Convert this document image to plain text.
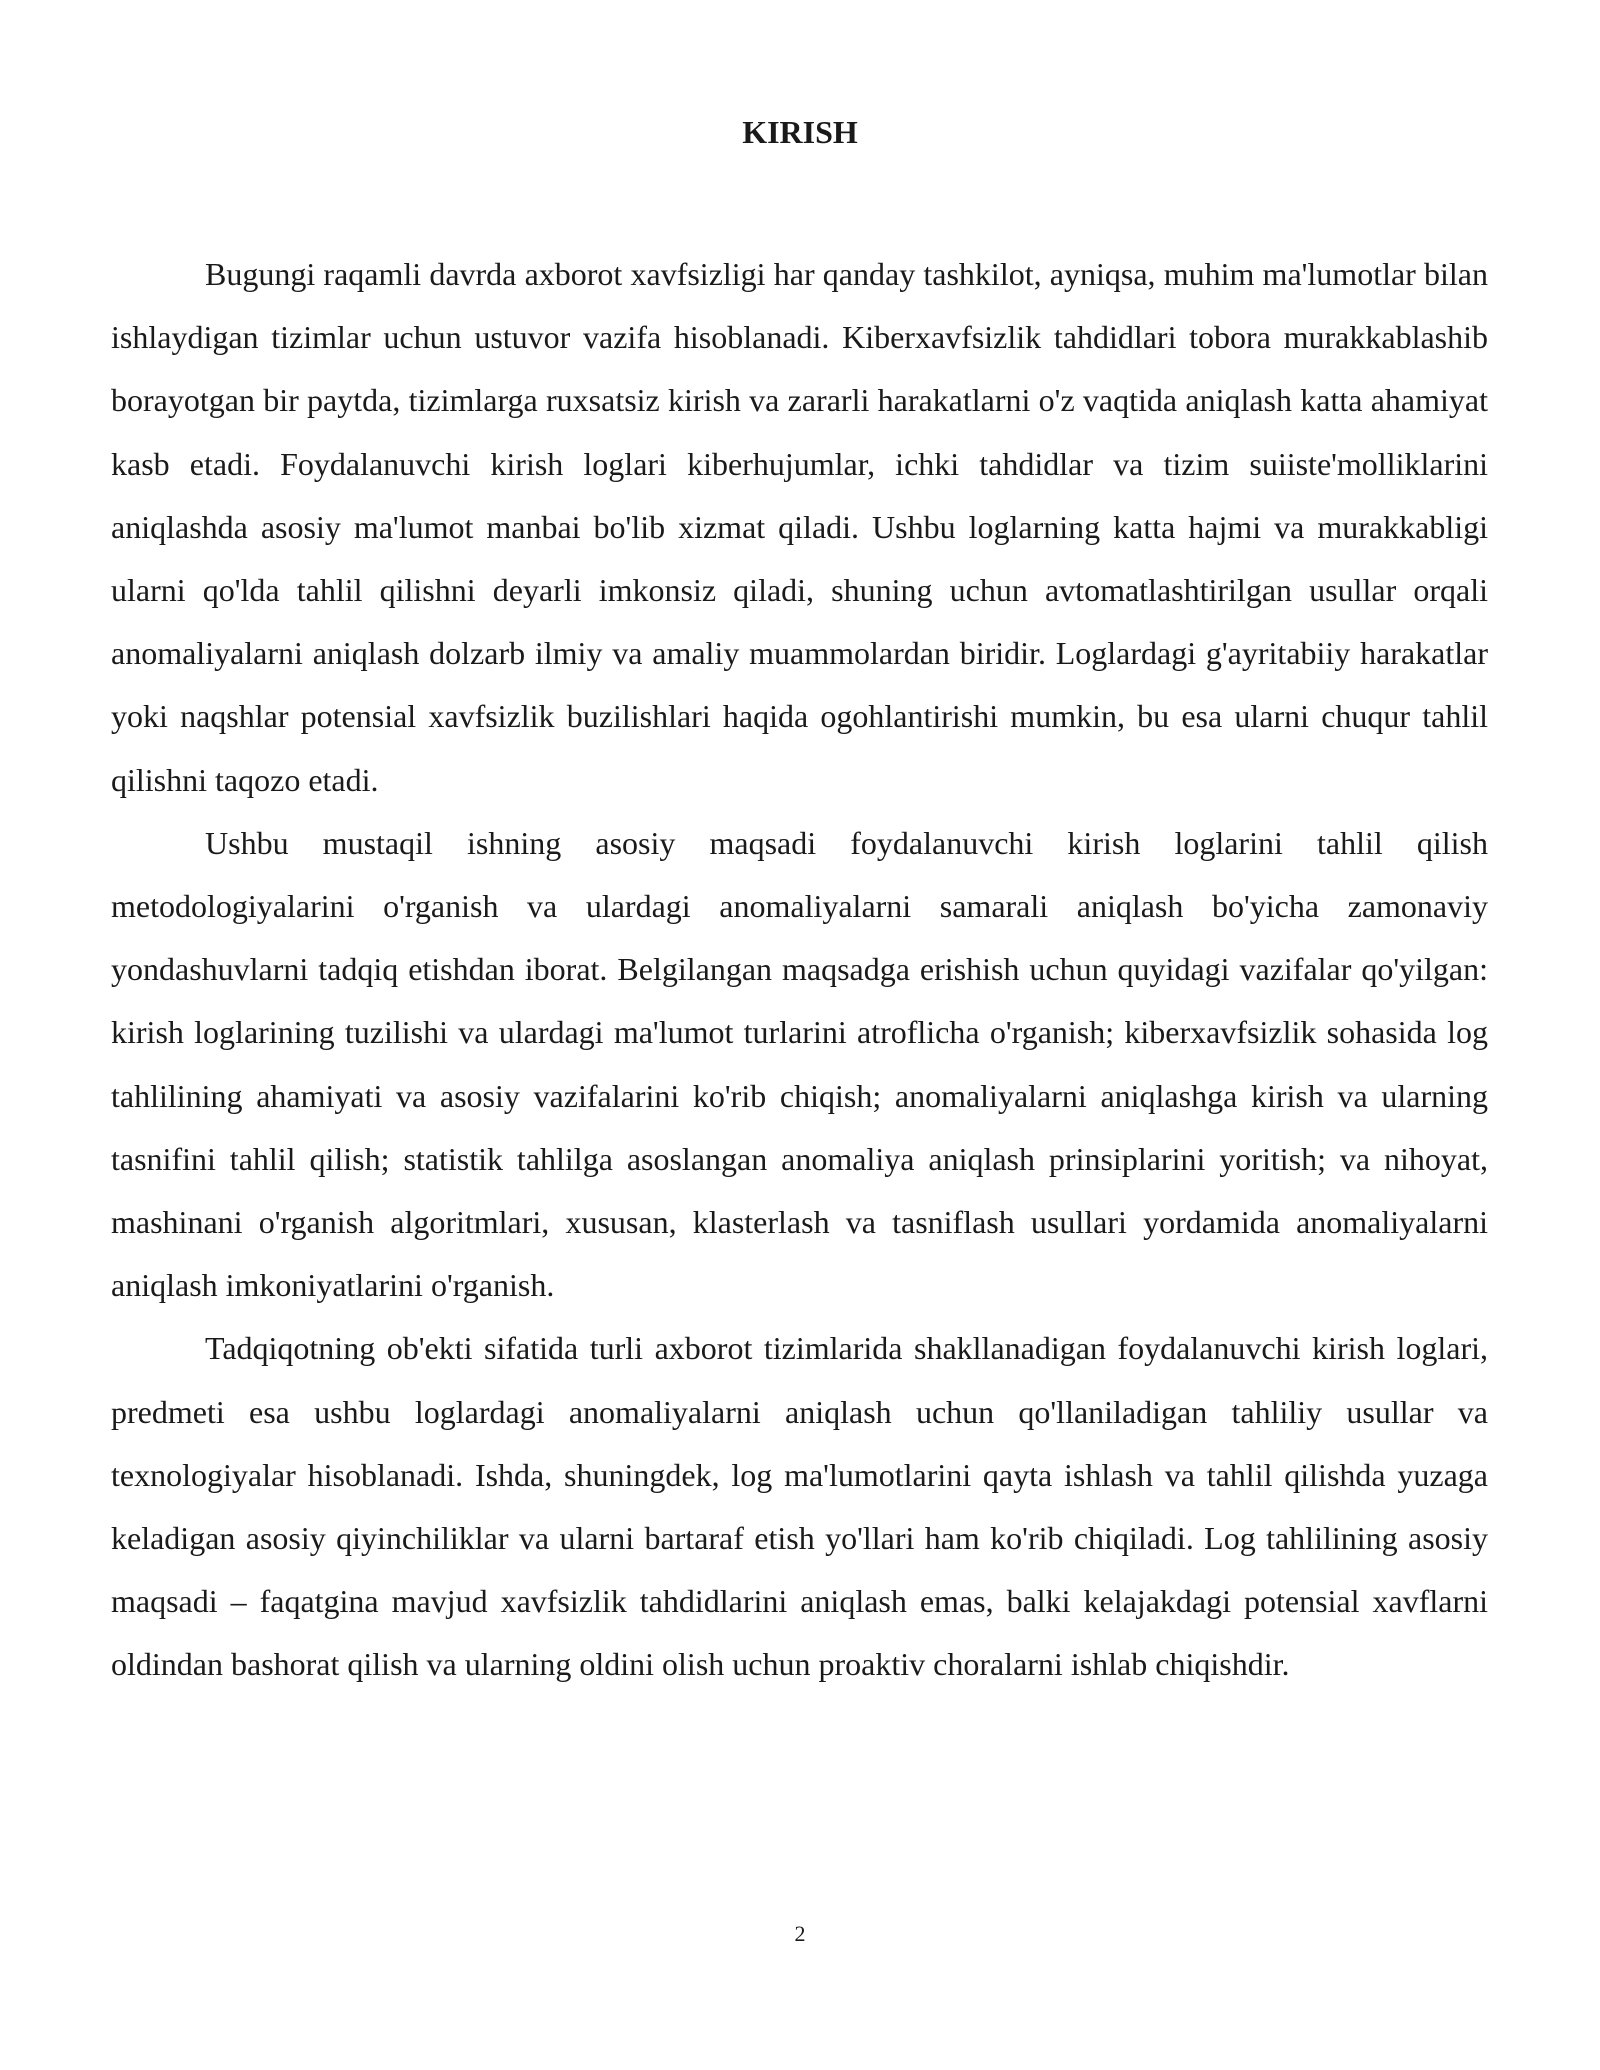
KIRISH

Bugungi raqamli davrda axborot xavfsizligi har qanday tashkilot, ayniqsa, muhim ma'lumotlar bilan ishlaydigan tizimlar uchun ustuvor vazifa hisoblanadi. Kiberxavfsizlik tahdidlari tobora murakkablashib borayotgan bir paytda, tizimlarga ruxsatsiz kirish va zararli harakatlarni o'z vaqtida aniqlash katta ahamiyat kasb etadi. Foydalanuvchi kirish loglari kiberhujumlar, ichki tahdidlar va tizim suiiste'molliklarini aniqlashda asosiy ma'lumot manbai bo'lib xizmat qiladi. Ushbu loglarning katta hajmi va murakkabligi ularni qo'lda tahlil qilishni deyarli imkonsiz qiladi, shuning uchun avtomatlashtirilgan usullar orqali anomaliyalarni aniqlash dolzarb ilmiy va amaliy muammolardan biridir. Loglardagi g'ayritabiiy harakatlar yoki naqshlar potensial xavfsizlik buzilishlari haqida ogohlantirishi mumkin, bu esa ularni chuqur tahlil qilishni taqozo etadi.

Ushbu mustaqil ishning asosiy maqsadi foydalanuvchi kirish loglarini tahlil qilish metodologiyalarini o'rganish va ulardagi anomaliyalarni samarali aniqlash bo'yicha zamonaviy yondashuvlarni tadqiq etishdan iborat. Belgilangan maqsadga erishish uchun quyidagi vazifalar qo'yilgan: kirish loglarining tuzilishi va ulardagi ma'lumot turlarini atroflicha o'rganish; kiberxavfsizlik sohasida log tahlilining ahamiyati va asosiy vazifalarini ko'rib chiqish; anomaliyalarni aniqlashga kirish va ularning tasnifini tahlil qilish; statistik tahlilga asoslangan anomaliya aniqlash prinsiplarini yoritish; va nihoyat, mashinani o'rganish algoritmlari, xususan, klasterlash va tasniflash usullari yordamida anomaliyalarni aniqlash imkoniyatlarini o'rganish.

Tadqiqotning ob'ekti sifatida turli axborot tizimlarida shakllanadigan foydalanuvchi kirish loglari, predmeti esa ushbu loglardagi anomaliyalarni aniqlash uchun qo'llaniladigan tahliliy usullar va texnologiyalar hisoblanadi. Ishda, shuningdek, log ma'lumotlarini qayta ishlash va tahlil qilishda yuzaga keladigan asosiy qiyinchiliklar va ularni bartaraf etish yo'llari ham ko'rib chiqiladi. Log tahlilining asosiy maqsadi – faqatgina mavjud xavfsizlik tahdidlarini aniqlash emas, balki kelajakdagi potensial xavflarni oldindan bashorat qilish va ularning oldini olish uchun proaktiv choralarni ishlab chiqishdir.

2
